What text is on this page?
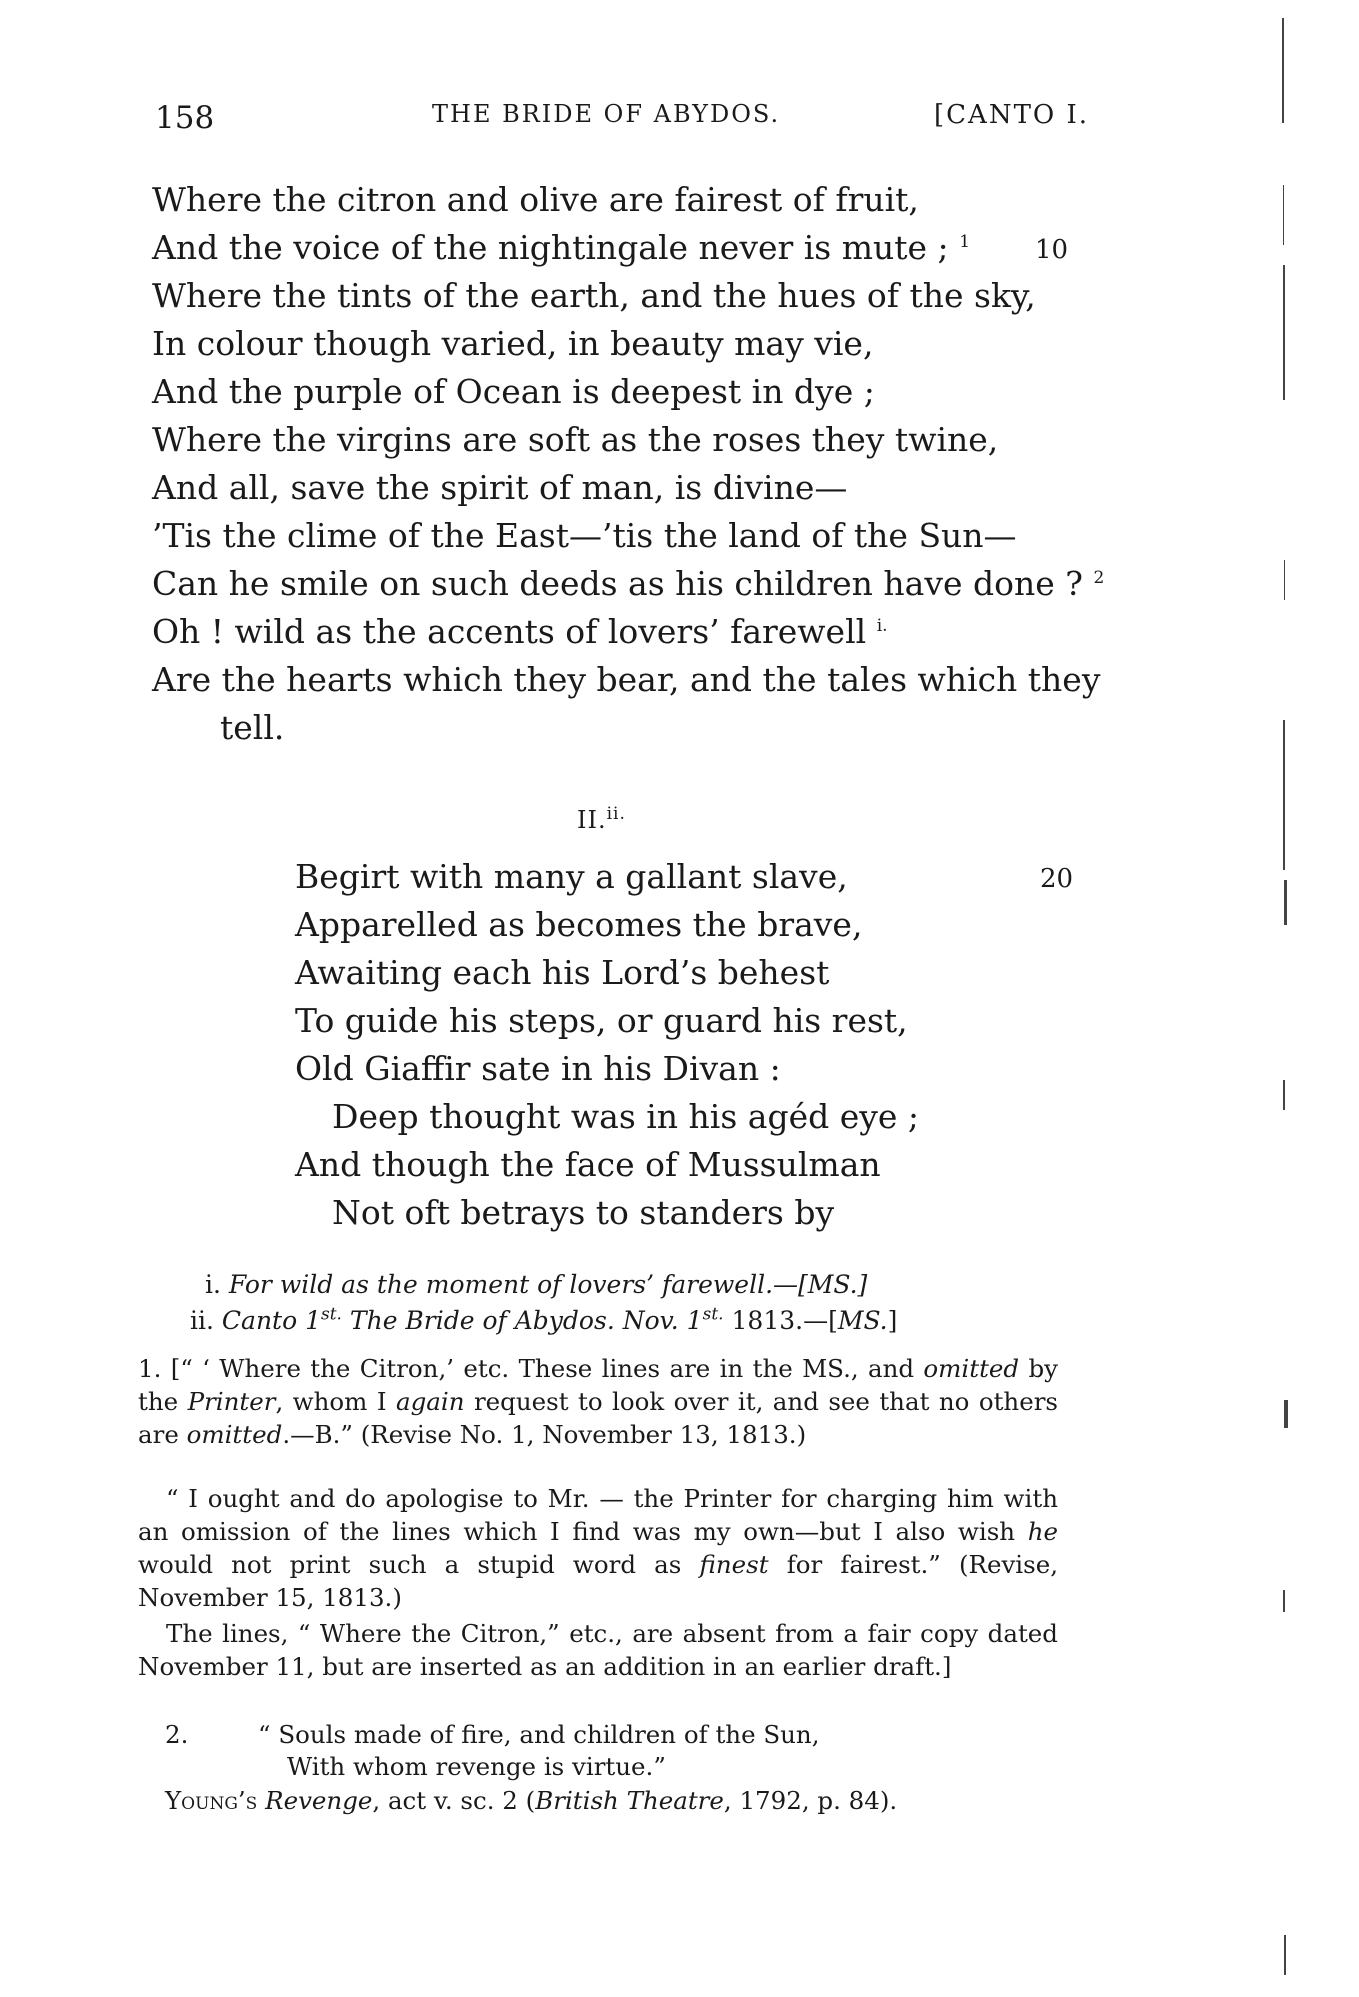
158	THE BRIDE OF ABYDOS.	[CANTO I.
Where the citron and olive are fairest of fruit,
And the voice of the nightingale never is mute ; $^1$ 10
Where the tints of the earth, and the hues of the sky,
In colour though varied, in beauty may vie,
And the purple of Ocean is deepest in dye ;
Where the virgins are soft as the roses they twine,
And all, save the spirit of man, is divine—
’Tis the clime of the East—’tis the land of the Sun—
Can he smile on such deeds as his children have done ? $^2$
Oh ! wild as the accents of lovers’ farewell $^{i.}$
Are the hearts which they bear, and the tales which they
tell.
II.$^{ii.}$
Begirt with many a gallant slave,	20
Apparelled as becomes the brave,
Awaiting each his Lord’s behest
To guide his steps, or guard his rest,
Old Giaffir sate in his Divan :
Deep thought was in his agéd eye ;
And though the face of Mussulman
Not oft betrays to standers by
i. For wild as the moment of lovers’ farewell.—[MS.]
ii. Canto $1^{st.}$ The Bride of Abydos. Nov. $1^{st.}$ 1813.—[MS.]
1. [“ ‘ Where the Citron,’ etc. These lines are in the MS., and omitted by the Printer, whom I again request to look over it, and see that no others are omitted.—B.” (Revise No. 1, November 13, 1813.)
“ I ought and do apologise to Mr. — the Printer for charging him with an omission of the lines which I find was my own—but I also wish he would not print such a stupid word as finest for fairest.” (Revise, November 15, 1813.)
The lines, “ Where the Citron,” etc., are absent from a fair copy dated November 11, but are inserted as an addition in an earlier draft.]
2.	“ Souls made of fire, and children of the Sun,
With whom revenge is virtue.”
Young’s Revenge, act v. sc. 2 (British Theatre, 1792, p. 84).
